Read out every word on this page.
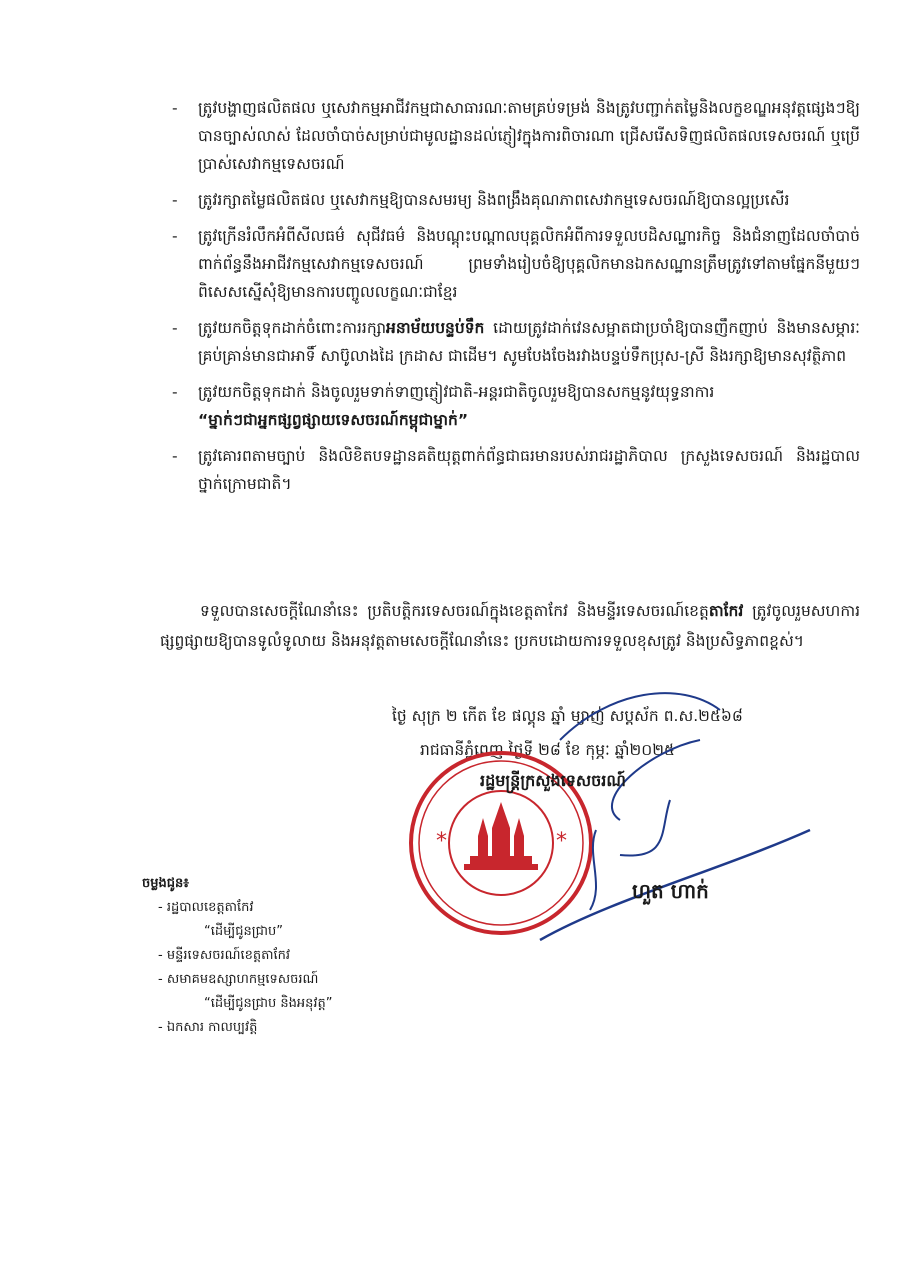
- ត្រូវបង្ហាញផលិតផល ឬសេវាកម្មអាជីវកម្មជាសាធារណៈតាមគ្រប់ទម្រង់ និងត្រូវបញ្ជាក់តម្លៃនិងលក្ខខណ្ឌអនុវត្តផ្សេងៗឱ្យបានច្បាស់លាស់ ដែលចាំបាច់សម្រាប់ជាមូលដ្ឋានដល់ភ្ញៀវក្នុងការពិចារណា ជ្រើសរើសទិញផលិតផលទេសចរណ៍ ឬប្រើប្រាស់សេវាកម្មទេសចរណ៍
- ត្រូវរក្សាតម្លៃផលិតផល ឬសេវាកម្មឱ្យបានសមរម្យ និងពង្រឹងគុណភាពសេវាកម្មទេសចរណ៍ឱ្យបានល្អប្រសើរ
- ត្រូវក្រើនរំលឹកអំពីសីលធម៌ សុជីវធម៌ និងបណ្តុះបណ្តាលបុគ្គលិកអំពីការទទួលបដិសណ្ឋារកិច្ច និងជំនាញដែលចាំបាច់ពាក់ព័ន្ធនឹងអាជីវកម្មសេវាកម្មទេសចរណ៍ ព្រមទាំងរៀបចំឱ្យបុគ្គលិកមានឯកសណ្ឋានត្រឹមត្រូវទៅតាមផ្នែកនីមួយៗ ពិសេសស្នើសុំឱ្យមានការបញ្ចូលលក្ខណៈជាខ្មែរ
- ត្រូវយកចិត្តទុកដាក់ចំពោះការរក្សាអនាម័យបន្ទប់ទឹក ដោយត្រូវដាក់វេនសម្អាតជាប្រចាំឱ្យបានញឹកញាប់ និងមានសម្ភារៈគ្រប់គ្រាន់មានជាអាទិ៍ សាប៊ូលាងដៃ ក្រដាស ជាដើម។ សូមបែងចែងរវាងបន្ទប់ទឹកប្រុស-ស្រី និងរក្សាឱ្យមានសុវត្ថិភាព
- ត្រូវយកចិត្តទុកដាក់ និងចូលរួមទាក់ទាញភ្ញៀវជាតិ-អន្តរជាតិចូលរួមឱ្យបានសកម្មនូវយុទ្ធនាការ
“ម្នាក់ៗជាអ្នកផ្សព្វផ្សាយទេសចរណ៍កម្ពុជាម្នាក់”
- ត្រូវគោរពតាមច្បាប់ និងលិខិតបទដ្ឋានគតិយុត្តពាក់ព័ន្ធជាធរមានរបស់រាជរដ្ឋាភិបាល ក្រសួងទេសចរណ៍ និងរដ្ឋបាលថ្នាក់ក្រោមជាតិ។
ទទួលបានសេចក្តីណែនាំនេះ ប្រតិបត្តិករទេសចរណ៍ក្នុងខេត្តតាកែវ និងមន្ទីរទេសចរណ៍ខេត្តតាកែវ ត្រូវចូលរួមសហការផ្សព្វផ្សាយឱ្យបានទូលំទូលាយ និងអនុវត្តតាមសេចក្តីណែនាំនេះ ប្រកបដោយការទទួលខុសត្រូវ និងប្រសិទ្ធភាពខ្ពស់។
ថ្ងៃ សុក្រ ២ កើត ខែ ផល្គុន ឆ្នាំ ម្សាញ់ សប្តស័ក ព.ស.២៥៦៨
រាជធានីភ្នំពេញ ថ្ងៃទី ២៨ ខែ កុម្ភៈ ឆ្នាំ២០២៥
*	*
រដ្ឋមន្ត្រីក្រសួងទេសចរណ៍
ហួត ហាក់
ចម្លងជូន៖
- រដ្ឋបាលខេត្តតាកែវ
“ដើម្បីជូនជ្រាប”
- មន្ទីរទេសចរណ៍ខេត្តតាកែវ
- សមាគមឧស្សាហកម្មទេសចរណ៍
“ដើម្បីជូនជ្រាប និងអនុវត្ត”
- ឯកសារ កាលប្បវត្តិ
